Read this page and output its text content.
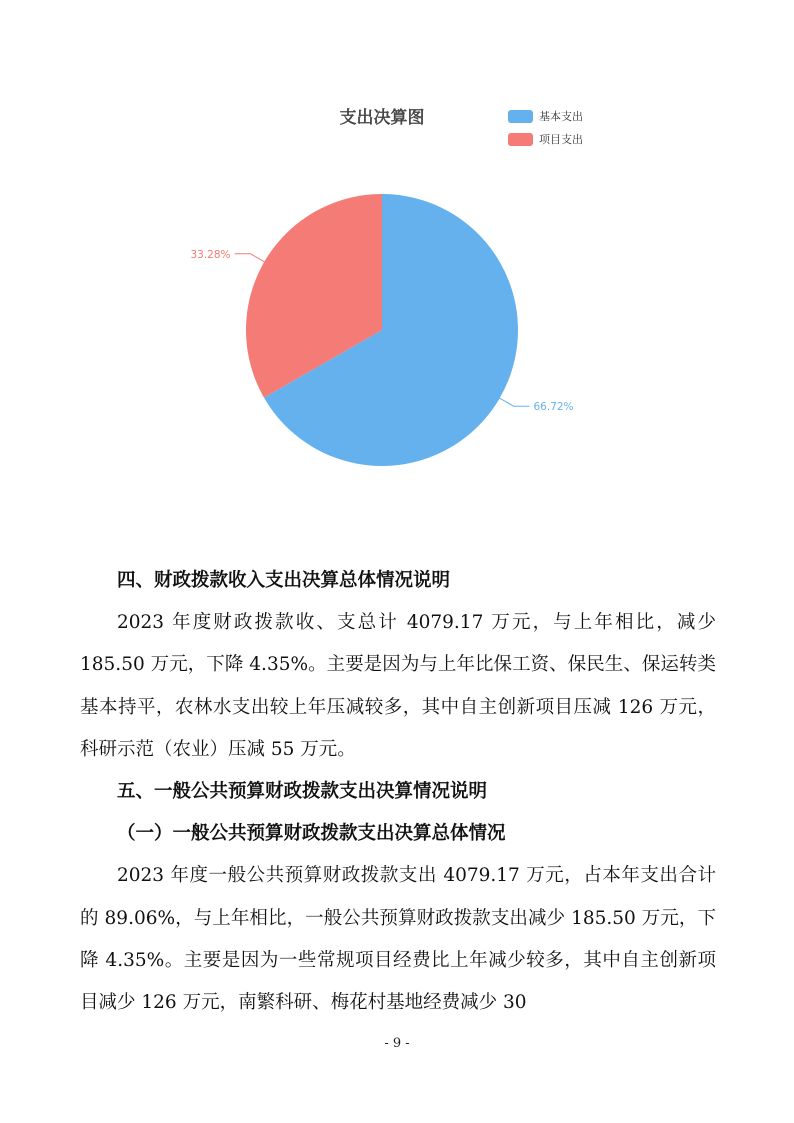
支出决算图	基本支出
项目支出
66.72%
33.28%

四、财政拨款收入支出决算总体情况说明

2023 年度财政拨款收、支总计 4079.17 万元，与上年相比，减少 185.50 万元，下降 4.35%。主要是因为与上年比保工资、保民生、保运转类基本持平，农林水支出较上年压减较多，其中自主创新项目压减 126 万元，科研示范（农业）压减 55 万元。

五、一般公共预算财政拨款支出决算情况说明

（一）一般公共预算财政拨款支出决算总体情况

2023 年度一般公共预算财政拨款支出 4079.17 万元，占本年支出合计的 89.06%，与上年相比，一般公共预算财政拨款支出减少 185.50 万元，下降 4.35%。主要是因为一些常规项目经费比上年减少较多，其中自主创新项目减少 126 万元，南繁科研、梅花村基地经费减少 30

- 9 -
